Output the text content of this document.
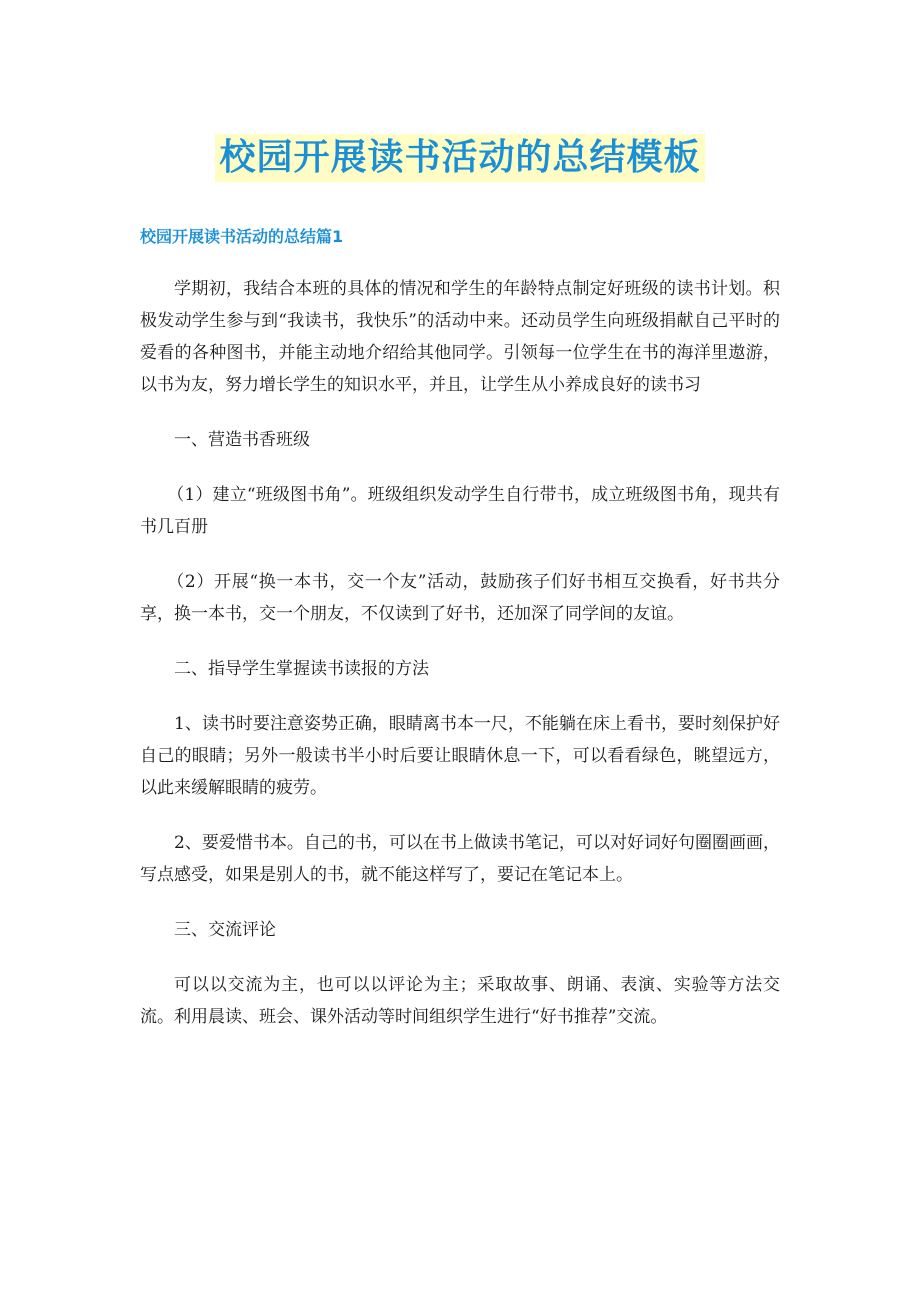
校园开展读书活动的总结模板
校园开展读书活动的总结篇1

学期初，我结合本班的具体的情况和学生的年龄特点制定好班级的读书计划。积极发动学生参与到“我读书，我快乐”的活动中来。还动员学生向班级捐献自己平时的爱看的各种图书，并能主动地介绍给其他同学。引领每一位学生在书的海洋里遨游，以书为友，努力增长学生的知识水平，并且，让学生从小养成良好的读书习

一、营造书香班级

（1）建立“班级图书角”。班级组织发动学生自行带书，成立班级图书角，现共有书几百册

（2）开展“换一本书，交一个友”活动，鼓励孩子们好书相互交换看，好书共分享，换一本书，交一个朋友，不仅读到了好书，还加深了同学间的友谊。

二、指导学生掌握读书读报的方法

1、读书时要注意姿势正确，眼睛离书本一尺，不能躺在床上看书，要时刻保护好自己的眼睛；另外一般读书半小时后要让眼睛休息一下，可以看看绿色，眺望远方，以此来缓解眼睛的疲劳。

2、要爱惜书本。自己的书，可以在书上做读书笔记，可以对好词好句圈圈画画，写点感受，如果是别人的书，就不能这样写了，要记在笔记本上。

三、交流评论

可以以交流为主，也可以以评论为主；采取故事、朗诵、表演、实验等方法交流。利用晨读、班会、课外活动等时间组织学生进行“好书推荐”交流。
